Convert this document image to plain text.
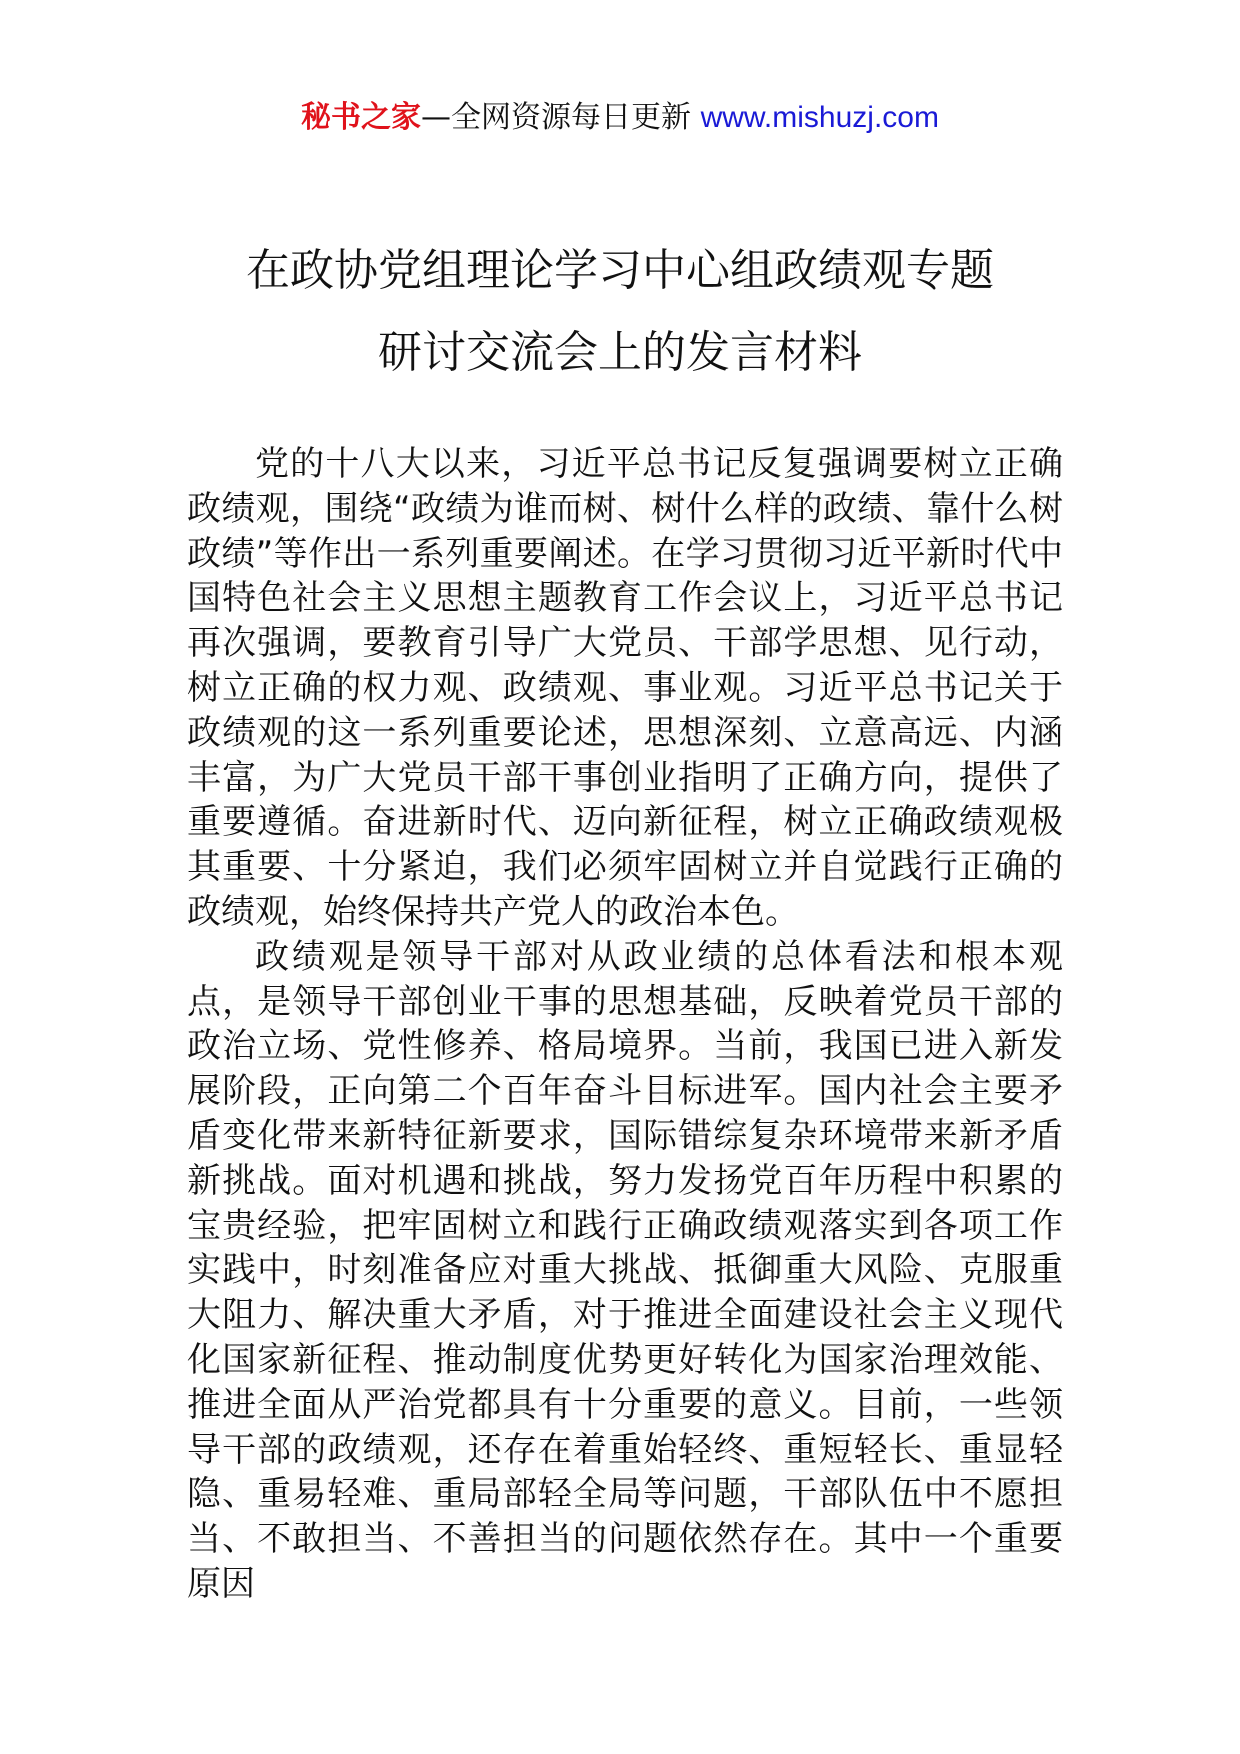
秘书之家—全网资源每日更新 www.mishuzj.com
在政协党组理论学习中心组政绩观专题
研讨交流会上的发言材料

党的十八大以来，习近平总书记反复强调要树立正确政绩观，围绕“政绩为谁而树、树什么样的政绩、靠什么树政绩”等作出一系列重要阐述。在学习贯彻习近平新时代中国特色社会主义思想主题教育工作会议上，习近平总书记再次强调，要教育引导广大党员、干部学思想、见行动，树立正确的权力观、政绩观、事业观。习近平总书记关于政绩观的这一系列重要论述，思想深刻、立意高远、内涵丰富，为广大党员干部干事创业指明了正确方向，提供了重要遵循。奋进新时代、迈向新征程，树立正确政绩观极其重要、十分紧迫，我们必须牢固树立并自觉践行正确的政绩观，始终保持共产党人的政治本色。

政绩观是领导干部对从政业绩的总体看法和根本观点，是领导干部创业干事的思想基础，反映着党员干部的政治立场、党性修养、格局境界。当前，我国已进入新发展阶段，正向第二个百年奋斗目标进军。国内社会主要矛盾变化带来新特征新要求，国际错综复杂环境带来新矛盾新挑战。面对机遇和挑战，努力发扬党百年历程中积累的宝贵经验，把牢固树立和践行正确政绩观落实到各项工作实践中，时刻准备应对重大挑战、抵御重大风险、克服重大阻力、解决重大矛盾，对于推进全面建设社会主义现代化国家新征程、推动制度优势更好转化为国家治理效能、推进全面从严治党都具有十分重要的意义。目前，一些领导干部的政绩观，还存在着重始轻终、重短轻长、重显轻隐、重易轻难、重局部轻全局等问题，干部队伍中不愿担当、不敢担当、不善担当的问题依然存在。其中一个重要原因
